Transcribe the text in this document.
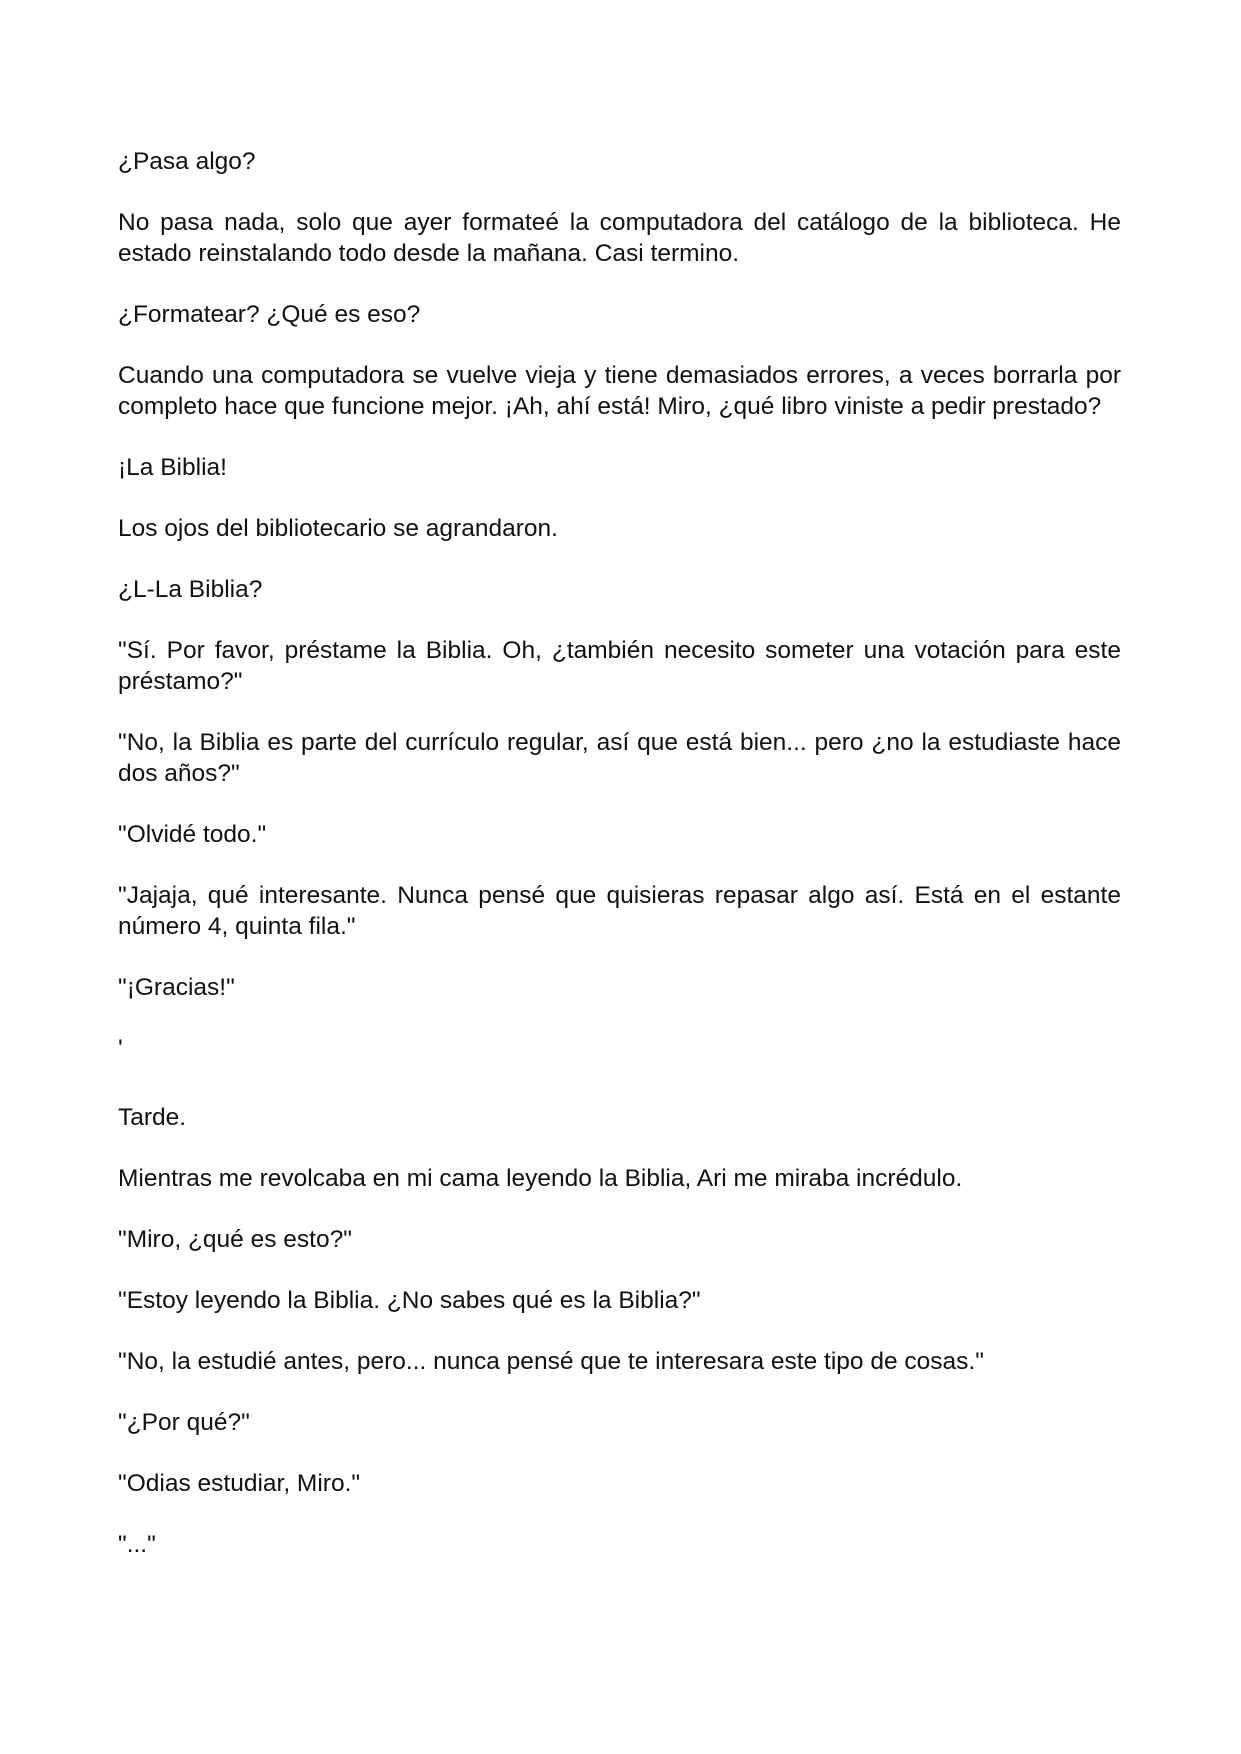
¿Pasa algo?

No pasa nada, solo que ayer formateé la computadora del catálogo de la biblioteca. He estado reinstalando todo desde la mañana. Casi termino.

¿Formatear? ¿Qué es eso?

Cuando una computadora se vuelve vieja y tiene demasiados errores, a veces borrarla por completo hace que funcione mejor. ¡Ah, ahí está! Miro, ¿qué libro viniste a pedir prestado?

¡La Biblia!

Los ojos del bibliotecario se agrandaron.

¿L-La Biblia?

"Sí. Por favor, préstame la Biblia. Oh, ¿también necesito someter una votación para este préstamo?"

"No, la Biblia es parte del currículo regular, así que está bien... pero ¿no la estudiaste hace dos años?"

"Olvidé todo."

"Jajaja, qué interesante. Nunca pensé que quisieras repasar algo así. Está en el estante número 4, quinta fila."

"¡Gracias!"

'

Tarde.

Mientras me revolcaba en mi cama leyendo la Biblia, Ari me miraba incrédulo.

"Miro, ¿qué es esto?"

"Estoy leyendo la Biblia. ¿No sabes qué es la Biblia?"

"No, la estudié antes, pero... nunca pensé que te interesara este tipo de cosas."

"¿Por qué?"

"Odias estudiar, Miro."

"..."
